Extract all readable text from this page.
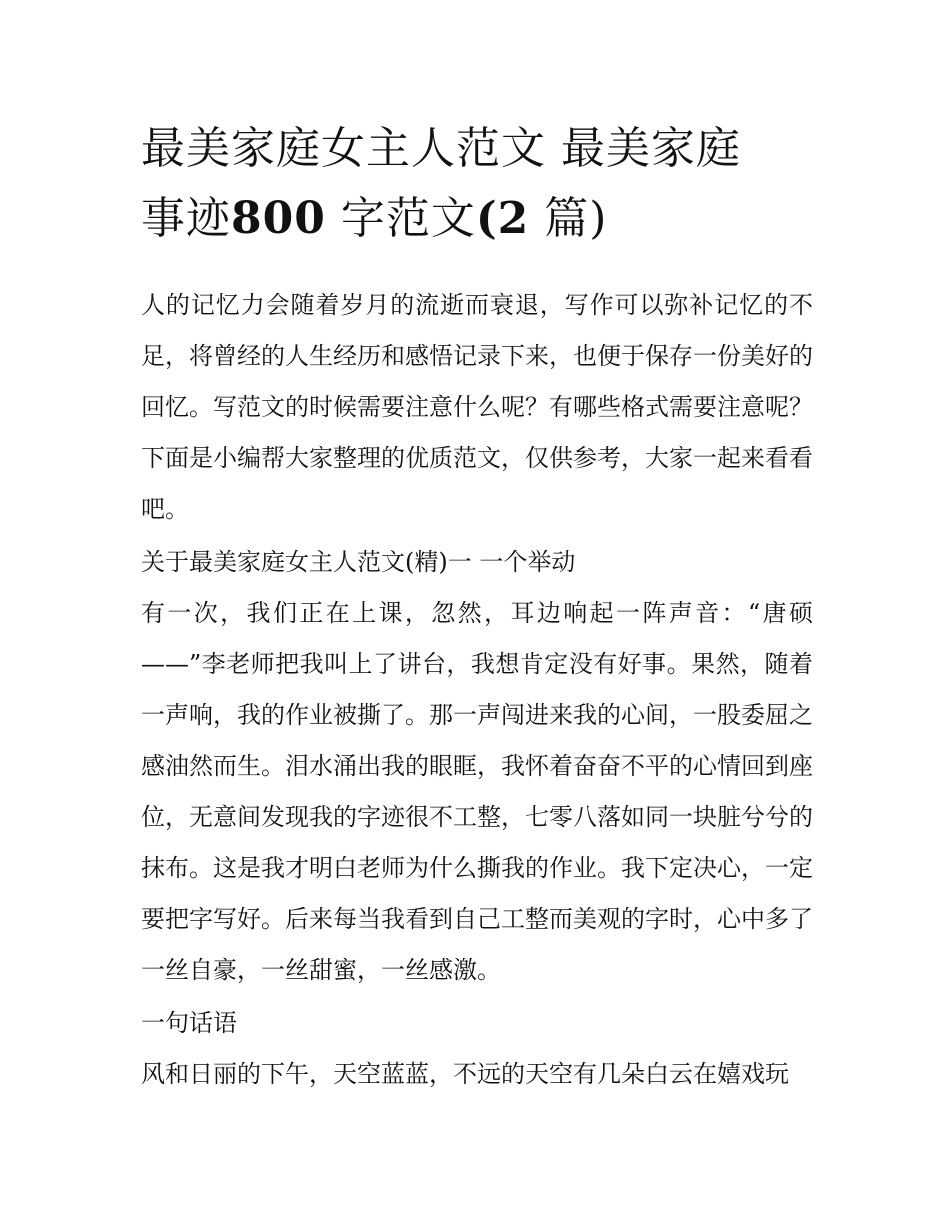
最美家庭女主人范文 最美家庭
事迹800 字范文(2 篇)

人的记忆力会随着岁月的流逝而衰退，写作可以弥补记忆的不足，将曾经的人生经历和感悟记录下来，也便于保存一份美好的回忆。写范文的时候需要注意什么呢？有哪些格式需要注意呢？下面是小编帮大家整理的优质范文，仅供参考，大家一起来看看吧。

关于最美家庭女主人范文(精)一 一个举动

有一次，我们正在上课，忽然，耳边响起一阵声音：“唐硕——”李老师把我叫上了讲台，我想肯定没有好事。果然，随着一声响，我的作业被撕了。那一声闯进来我的心间，一股委屈之感油然而生。泪水涌出我的眼眶，我怀着奋奋不平的心情回到座位，无意间发现我的字迹很不工整，七零八落如同一块脏兮兮的抹布。这是我才明白老师为什么撕我的作业。我下定决心，一定要把字写好。后来每当我看到自己工整而美观的字时，心中多了一丝自豪，一丝甜蜜，一丝感激。

一句话语

风和日丽的下午，天空蓝蓝，不远的天空有几朵白云在嬉戏玩
